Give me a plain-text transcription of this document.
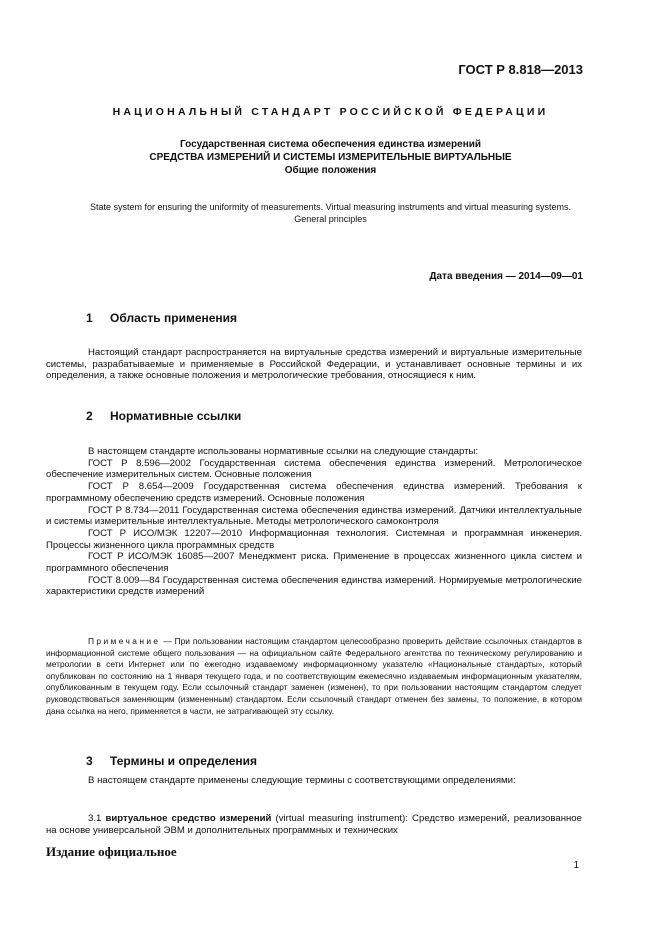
ГОСТ Р 8.818—2013
НАЦИОНАЛЬНЫЙ СТАНДАРТ РОССИЙСКОЙ ФЕДЕРАЦИИ
Государственная система обеспечения единства измерений
СРЕДСТВА ИЗМЕРЕНИЙ И СИСТЕМЫ ИЗМЕРИТЕЛЬНЫЕ ВИРТУАЛЬНЫЕ
Общие положения
State system for ensuring the uniformity of measurements. Virtual measuring instruments and virtual measuring systems.
General principles
Дата введения — 2014—09—01
1 Область применения

Настоящий стандарт распространяется на виртуальные средства измерений и виртуальные измерительные системы, разрабатываемые и применяемые в Российской Федерации, и устанавливает основные термины и их определения, а также основные положения и метрологические требования, относящиеся к ним.

2 Нормативные ссылки

В настоящем стандарте использованы нормативные ссылки на следующие стандарты:

ГОСТ Р 8.596—2002 Государственная система обеспечения единства измерений. Метрологическое обеспечение измерительных систем. Основные положения

ГОСТ Р 8.654—2009 Государственная система обеспечения единства измерений. Требования к программному обеспечению средств измерений. Основные положения

ГОСТ Р 8.734—2011 Государственная система обеспечения единства измерений. Датчики интеллектуальные и системы измерительные интеллектуальные. Методы метрологического самоконтроля

ГОСТ Р ИСО/МЭК 12207—2010 Информационная технология. Системная и программная инженерия. Процессы жизненного цикла программных средств

ГОСТ Р ИСО/МЭК 16085—2007 Менеджмент риска. Применение в процессах жизненного цикла систем и программного обеспечения

ГОСТ 8.009—84 Государственная система обеспечения единства измерений. Нормируемые метрологические характеристики средств измерений

Примечание — При пользовании настоящим стандартом целесообразно проверить действие ссылочных стандартов в информационной системе общего пользования — на официальном сайте Федерального агентства по техническому регулированию и метрологии в сети Интернет или по ежегодно издаваемому информационному указателю «Национальные стандарты», который опубликован по состоянию на 1 января текущего года, и по соответствующим ежемесячно издаваемым информационным указателям, опубликованным в текущем году. Если ссылочный стандарт заменен (изменен), то при пользовании настоящим стандартом следует руководствоваться заменяющим (измененным) стандартом. Если ссылочный стандарт отменен без замены, то положение, в котором дана ссылка на него, применяется в части, не затрагивающей эту ссылку.

3 Термины и определения

В настоящем стандарте применены следующие термины с соответствующими определениями:

3.1 виртуальное средство измерений (virtual measuring instrument): Средство измерений, реализованное на основе универсальной ЭВМ и дополнительных программных и технических

Издание официальное
1
